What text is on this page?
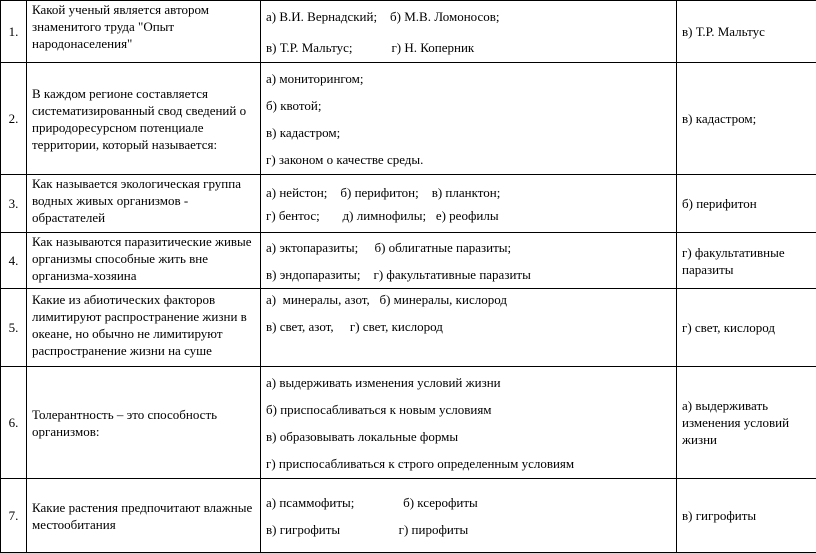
1.	Какой ученый является автором знаменитого труда "Опыт народонаселения"	а) В.И. Вернадский;    б) М.В. Ломоносов;
в) Т.Р. Мальтус;            г) Н. Коперник	в) Т.Р. Мальтус
2.	В каждом регионе составляется систематизированный свод сведений о природоресурсном потенциале территории, который называется:	а) мониторингом;
б) квотой;
в) кадастром;
г) законом о качестве среды.	в) кадастром;
3.	Как называется экологическая группа водных живых организмов - обрастателей	а) нейстон;    б) перифитон;    в) планктон;
г) бентос;       д) лимнофилы;   е) реофилы	б) перифитон
4.	Как называются паразитические живые организмы способные жить вне организма-хозяина	а) эктопаразиты;     б) облигатные паразиты;
в) эндопаразиты;    г) факультативные паразиты	г) факультативные паразиты
5.	Какие из абиотических факторов лимитируют распространение жизни в океане, но обычно не лимитируют распространение жизни на суше	а)  минералы, азот,   б) минералы, кислород
в) свет, азот,     г) свет, кислород	г) свет, кислород
6.	Толерантность – это способность организмов:	а) выдерживать изменения условий жизни
б) приспосабливаться к новым условиям
в) образовывать локальные формы
г) приспосабливаться к строго определенным условиям	а) выдерживать изменения условий жизни
7.	Какие растения предпочитают влажные местообитания	а) псаммофиты;               б) ксерофиты
в) гигрофиты                  г) пирофиты	в) гигрофиты
